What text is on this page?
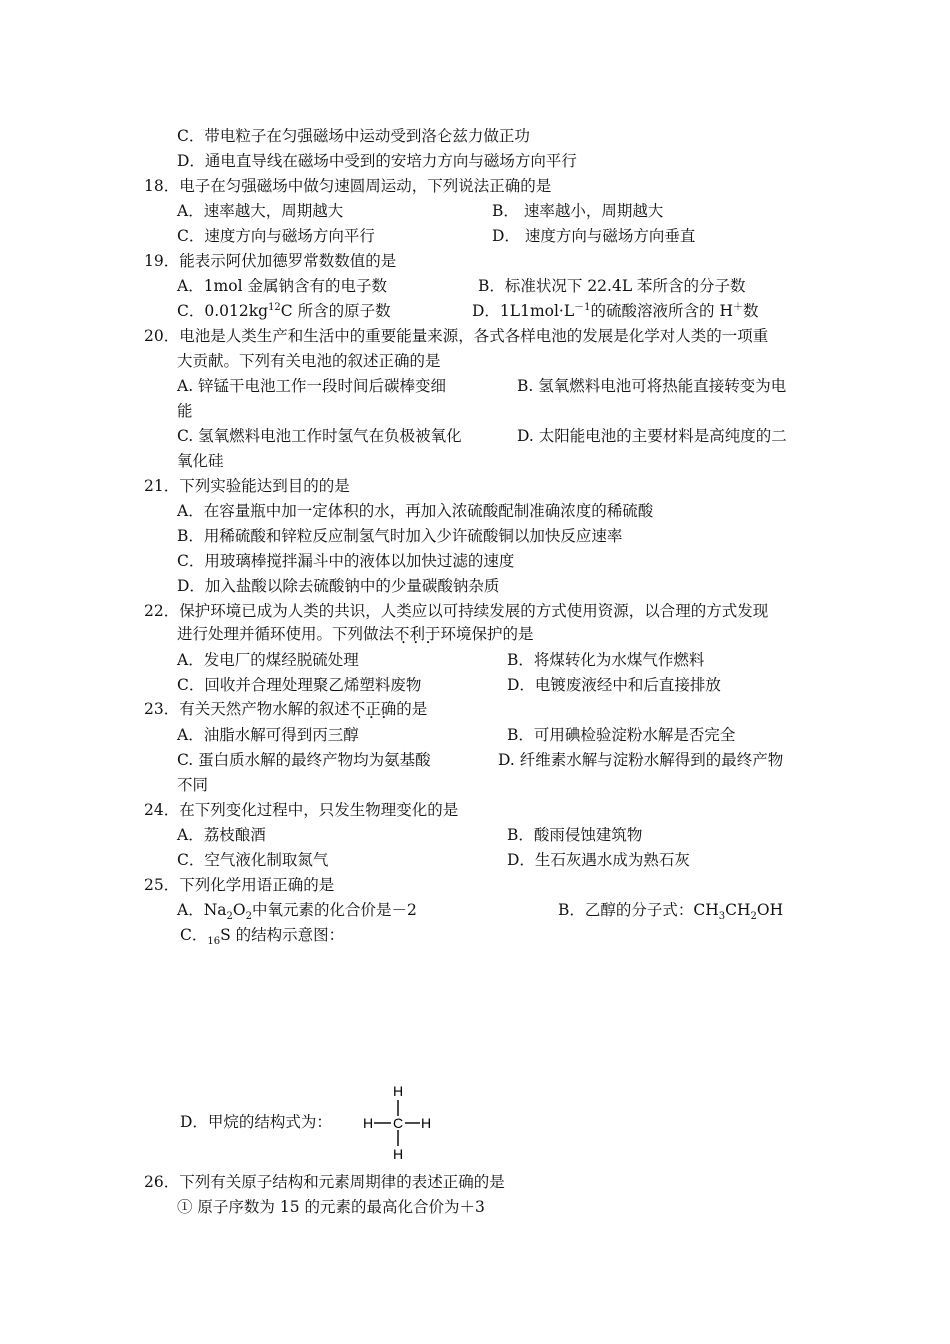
C．带电粒子在匀强磁场中运动受到洛仑兹力做正功
D．通电直导线在磁场中受到的安培力方向与磁场方向平行
18．电子在匀强磁场中做匀速圆周运动，下列说法正确的是
A．速率越大，周期越大	B． 速率越小，周期越大
C．速度方向与磁场方向平行	D． 速度方向与磁场方向垂直
19．能表示阿伏加德罗常数数值的是
A．1mol 金属钠含有的电子数	B．标准状况下 22.4L 苯所含的分子数
C．$0.012kg^{12}C$ 所含的原子数	D．$1L1mol\cdot L^{-1}$的硫酸溶液所含的 H＋数
20．电池是人类生产和生活中的重要能量来源，各式各样电池的发展是化学对人类的一项重
大贡献。下列有关电池的叙述正确的是
A. 锌锰干电池工作一段时间后碳棒变细	B. 氢氧燃料电池可将热能直接转变为电
能
C. 氢氧燃料电池工作时氢气在负极被氧化	D. 太阳能电池的主要材料是高纯度的二
氧化硅
21．下列实验能达到目的的是
A．在容量瓶中加一定体积的水，再加入浓硫酸配制准确浓度的稀硫酸
B．用稀硫酸和锌粒反应制氢气时加入少许硫酸铜以加快反应速率
C．用玻璃棒搅拌漏斗中的液体以加快过滤的速度
D．加入盐酸以除去硫酸钠中的少量碳酸钠杂质
22．保护环境已成为人类的共识，人类应以可持续发展的方式使用资源，以合理的方式发现
进行处理并循环使用。下列做法不利于 • • •环境保护的是
A．发电厂的煤经脱硫处理	B．将煤转化为水煤气作燃料
C．回收并合理处理聚乙烯塑料废物	D．电镀废液经中和后直接排放
23．有关天然产物水解的叙述不正确 • • •的是
A．油脂水解可得到丙三醇	B．可用碘检验淀粉水解是否完全
C. 蛋白质水解的最终产物均为氨基酸	D. 纤维素水解与淀粉水解得到的最终产物
不同
24．在下列变化过程中，只发生物理变化的是
A．荔枝酿酒	B．酸雨侵蚀建筑物
C．空气液化制取氮气	D．生石灰遇水成为熟石灰
25．下列化学用语正确的是
A．$Na_2O_2$中氧元素的化合价是－2	B．乙醇的分子式：$CH_3CH_2OH$
C．$_{16}$S 的结构示意图：
D．甲烷的结构式为：
H
H
H	H
C
26．下列有关原子结构和元素周期律的表述正确的是
① 原子序数为 15 的元素的最高化合价为＋3
